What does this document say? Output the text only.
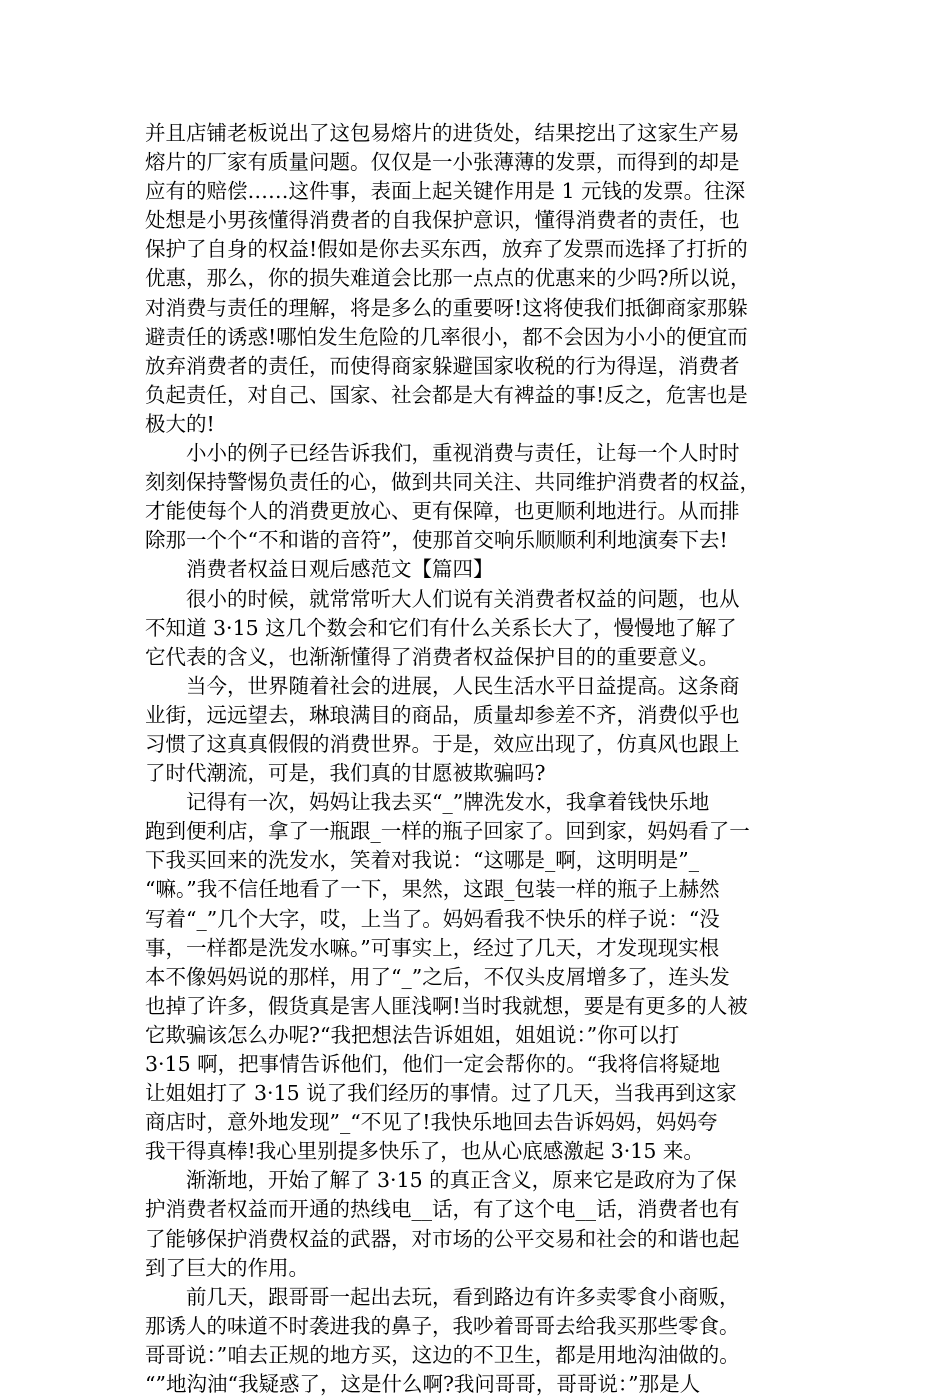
并且店铺老板说出了这包易熔片的进货处，结果挖出了这家生产易
熔片的厂家有质量问题。仅仅是一小张薄薄的发票，而得到的却是
应有的赔偿……这件事，表面上起关键作用是 1 元钱的发票。往深
处想是小男孩懂得消费者的自我保护意识，懂得消费者的责任，也
保护了自身的权益!假如是你去买东西，放弃了发票而选择了打折的
优惠，那么，你的损失难道会比那一点点的优惠来的少吗?所以说，
对消费与责任的理解，将是多么的重要呀!这将使我们抵御商家那躲
避责任的诱惑!哪怕发生危险的几率很小，都不会因为小小的便宜而
放弃消费者的责任，而使得商家躲避国家收税的行为得逞，消费者
负起责任，对自己、国家、社会都是大有裨益的事!反之，危害也是
极大的!
　　小小的例子已经告诉我们，重视消费与责任，让每一个人时时
刻刻保持警惕负责任的心，做到共同关注、共同维护消费者的权益，
才能使每个人的消费更放心、更有保障，也更顺利地进行。从而排
除那一个个“不和谐的音符”，使那首交响乐顺顺利利地演奏下去!
　　消费者权益日观后感范文【篇四】
　　很小的时候，就常常听大人们说有关消费者权益的问题，也从
不知道 3·15 这几个数会和它们有什么关系长大了，慢慢地了解了
它代表的含义，也渐渐懂得了消费者权益保护目的的重要意义。
　　当今，世界随着社会的进展，人民生活水平日益提高。这条商
业街，远远望去，琳琅满目的商品，质量却参差不齐，消费似乎也
习惯了这真真假假的消费世界。于是，效应出现了，仿真风也跟上
了时代潮流，可是，我们真的甘愿被欺骗吗?
　　记得有一次，妈妈让我去买“_”牌洗发水，我拿着钱快乐地
跑到便利店，拿了一瓶跟_一样的瓶子回家了。回到家，妈妈看了一
下我买回来的洗发水，笑着对我说：“这哪是_啊，这明明是”_
“嘛。”我不信任地看了一下，果然，这跟_包装一样的瓶子上赫然
写着“_”几个大字，哎，上当了。妈妈看我不快乐的样子说：“没
事，一样都是洗发水嘛。”可事实上，经过了几天，才发现现实根
本不像妈妈说的那样，用了“_”之后，不仅头皮屑增多了，连头发
也掉了许多，假货真是害人匪浅啊!当时我就想，要是有更多的人被
它欺骗该怎么办呢?“我把想法告诉姐姐，姐姐说：”你可以打
3·15 啊，把事情告诉他们，他们一定会帮你的。“我将信将疑地
让姐姐打了 3·15 说了我们经历的事情。过了几天，当我再到这家
商店时，意外地发现”_“不见了!我快乐地回去告诉妈妈，妈妈夸
我干得真棒!我心里别提多快乐了，也从心底感激起 3·15 来。
　　渐渐地，开始了解了 3·15 的真正含义，原来它是政府为了保
护消费者权益而开通的热线电__话，有了这个电__话，消费者也有
了能够保护消费权益的武器，对市场的公平交易和社会的和谐也起
到了巨大的作用。
　　前几天，跟哥哥一起出去玩，看到路边有许多卖零食小商贩，
那诱人的味道不时袭进我的鼻子，我吵着哥哥去给我买那些零食。
哥哥说：”咱去正规的地方买，这边的不卫生，都是用地沟油做的。
“”地沟油“我疑惑了，这是什么啊?我问哥哥，哥哥说：”那是人
